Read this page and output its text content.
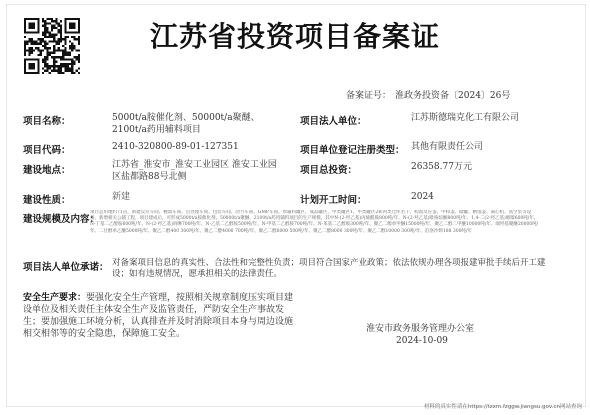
江苏省投资项目备案证
备案证号： 淮政务投资备〔2024〕26号
项目名称：	5000t/a胺催化剂、50000t/a聚醚、2100t/a药用辅料项目
项目法人单位：	江苏斯德瑞克化工有限公司
项目代码：	2410-320800-89-01-127351	项目单位登记注册类型： 其他有限责任公司
建设地点：	江苏省_淮安市_淮安工业园区 淮安工业园区盐都路88号北侧
项目总投资：	26358.77万元
建设性质：	新建	计划开工时间：	2024
建设规模及内容：
项目总用地约71亩，新建反应车间、精馏车间、后处理车间、包装车间、动力车间、GMP车间、原辅料罐区、成品罐区、甲类罐区1、甲类罐区2和丙类仓库若干，购置反应釜、中和釜、储罐、精馏釜、离心机、真空泵等设备，新增相关公辅工程，项目建成后，可形成5000t/a胺催化剂、50000t/a聚醚、2100t/a药用辅料项目的生产规模，其中N-(2-羟乙基)丙烯酰胺800吨/年、N-(2-羟乙基)吡咯烷酮800吨/年、1,4-二(2-羟乙基)哌嗪600吨/年、N-丁基二乙醇胺600吨/年、N-(2-羟乙基)吗啉700吨/年、N-乙基二乙醇胺500吨/年、N-甲基二乙醇胺700吨/年、N-苯基二乙醇胺300吨/年、聚乙二醇单甲醚15000吨/年、聚乙二醇二甲醚10000吨/年、端羟基聚醚20000吨/年、二甘醇单乙醚5000吨/年、聚乙二醇400 300吨/年、聚乙二醇4000 700吨/年、聚乙二醇6000 500吨/年、聚乙二醇8000 300吨/年、聚乙二醇10000 300吨/年、泊洛沙姆188 300吨/年
项目法人单位承诺： 对备案项目信息的真实性、合法性和完整性负责；项目符合国家产业政策；依法依规办理各项报建审批手续后开工建设；如有违规情况，愿承担相关的法律责任。
安全生产要求：要强化安全生产管理，按照相关规章制度压实项目建设单位及相关责任主体安全生产及监管责任，严防安全生产事故发生；要加强施工环境分析，认真排查并及时消除项目本身与周边设施相交相邻等的安全隐患，保障施工安全。	淮安市政务服务管理办公室
2024-10-09
材料的真实性请在https://tzxm.fzggw.jiangsu.gov.cn网站查询
